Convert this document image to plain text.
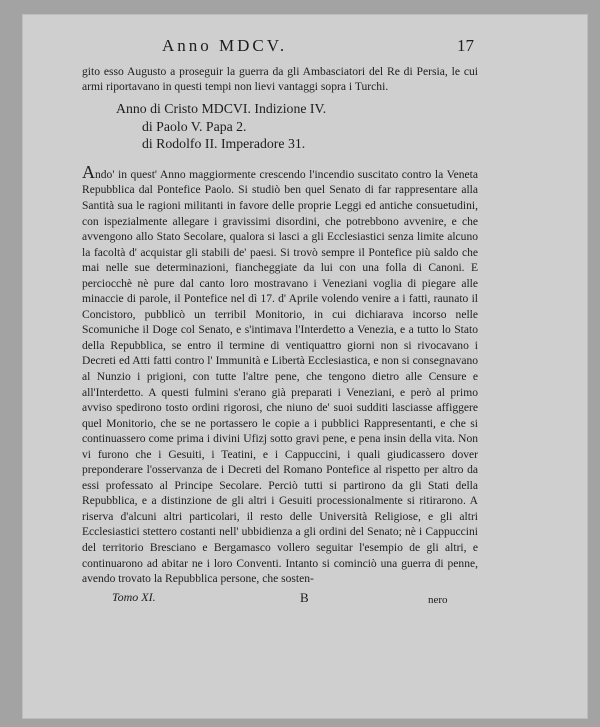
Anno MDCV.	17
gito esso Augusto a proseguir la guerra da gli Ambasciatori del Re di Persia, le cui armi riportavano in questi tempi non lievi vantaggi sopra i Turchi.
Anno di Cristo MDCVI. Indizione IV.
di Paolo V. Papa 2.
di Rodolfo II. Imperadore 31.
Ando' in quest' Anno maggiormente crescendo l'incendio suscitato contro la Veneta Repubblica dal Pontefice Paolo. Si studiò ben quel Senato di far rappresentare alla Santità sua le ragioni militanti in favore delle proprie Leggi ed antiche consuetudini, con ispezialmente allegare i gravissimi disordini, che potrebbono avvenire, e che avvengono allo Stato Secolare, qualora si lasci a gli Ecclesiastici senza limite alcuno la facoltà d' acquistar gli stabili de' paesi. Si trovò sempre il Pontefice più saldo che mai nelle sue determinazioni, fiancheggiate da lui con una folla di Canoni. E perciocchè nè pure dal canto loro mostravano i Veneziani voglia di piegare alle minaccie di parole, il Pontefice nel dì 17. d' Aprile volendo venire a i fatti, raunato il Concistoro, pubblicò un terribil Monitorio, in cui dichiarava incorso nelle Scomuniche il Doge col Senato, e s'intimava l'Interdetto a Venezia, e a tutto lo Stato della Repubblica, se entro il termine di ventiquattro giorni non si rivocavano i Decreti ed Atti fatti contro l' Immunità e Libertà Ecclesiastica, e non si consegnavano al Nunzio i prigioni, con tutte l'altre pene, che tengono dietro alle Censure e all'Interdetto. A questi fulmini s'erano già preparati i Veneziani, e però al primo avviso spedirono tosto ordini rigorosi, che niuno de' suoi sudditi lasciasse affiggere quel Monitorio, che se ne portassero le copie a i pubblici Rappresentanti, e che si continuassero come prima i divini Ufizj sotto gravi pene, e pena insin della vita. Non vi furono che i Gesuiti, i Teatini, e i Cappuccini, i quali giudicassero dover preponderare l'osservanza de i Decreti del Romano Pontefice al rispetto per altro da essi professato al Principe Secolare. Perciò tutti si partirono da gli Stati della Repubblica, e a distinzione de gli altri i Gesuiti processionalmente si ritirarono. A riserva d'alcuni altri particolari, il resto delle Università Religiose, e gli altri Ecclesiastici stettero costanti nell' ubbidienza a gli ordini del Senato; nè i Cappuccini del territorio Bresciano e Bergamasco vollero seguitar l'esempio de gli altri, e continuarono ad abitar ne i loro Conventi. Intanto si cominciò una guerra di penne, avendo trovato la Repubblica persone, che sosten-
Tomo XI.	B	nero
